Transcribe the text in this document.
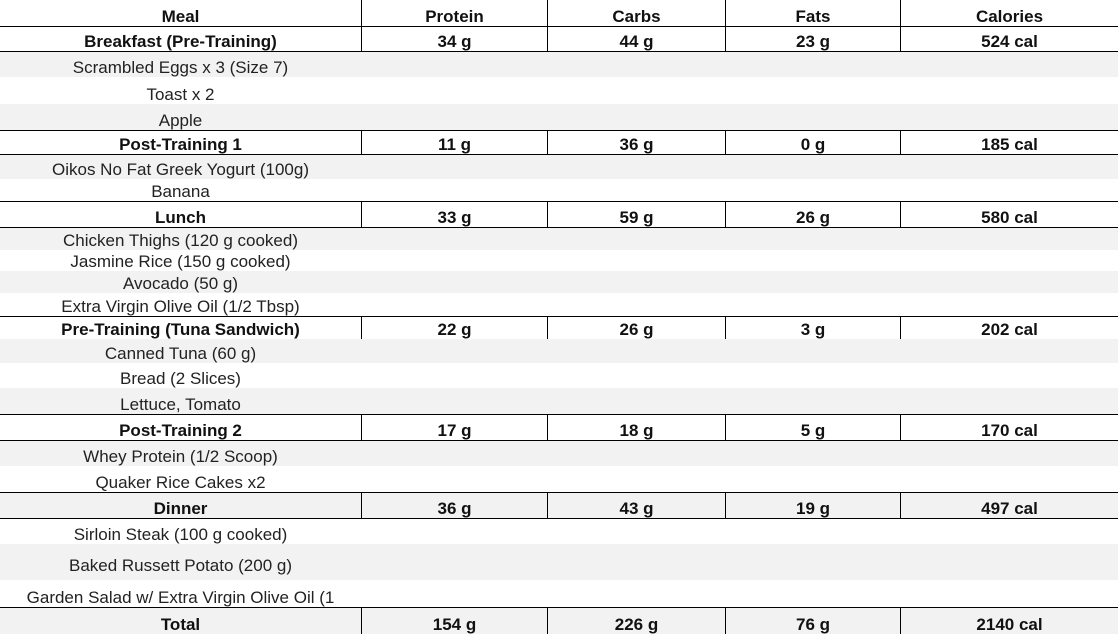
Meal	Protein	Carbs	Fats	Calories
Breakfast (Pre-Training)	34 g	44 g	23 g	524 cal
Scrambled Eggs x 3 (Size 7)
Toast x 2
Apple
Post-Training 1	11 g	36 g	0 g	185 cal
Oikos No Fat Greek Yogurt (100g)
Banana
Lunch	33 g	59 g	26 g	580 cal
Chicken Thighs (120 g cooked)
Jasmine Rice (150 g cooked)
Avocado (50 g)
Extra Virgin Olive Oil (1/2 Tbsp)
Pre-Training (Tuna Sandwich)	22 g	26 g	3 g	202 cal
Canned Tuna (60 g)
Bread (2 Slices)
Lettuce, Tomato
Post-Training 2	17 g	18 g	5 g	170 cal
Whey Protein (1/2 Scoop)
Quaker Rice Cakes x2
Dinner	36 g	43 g	19 g	497 cal
Sirloin Steak (100 g cooked)
Baked Russett Potato (200 g)
Garden Salad w/ Extra Virgin Olive Oil (1
Total	154 g	226 g	76 g	2140 cal
